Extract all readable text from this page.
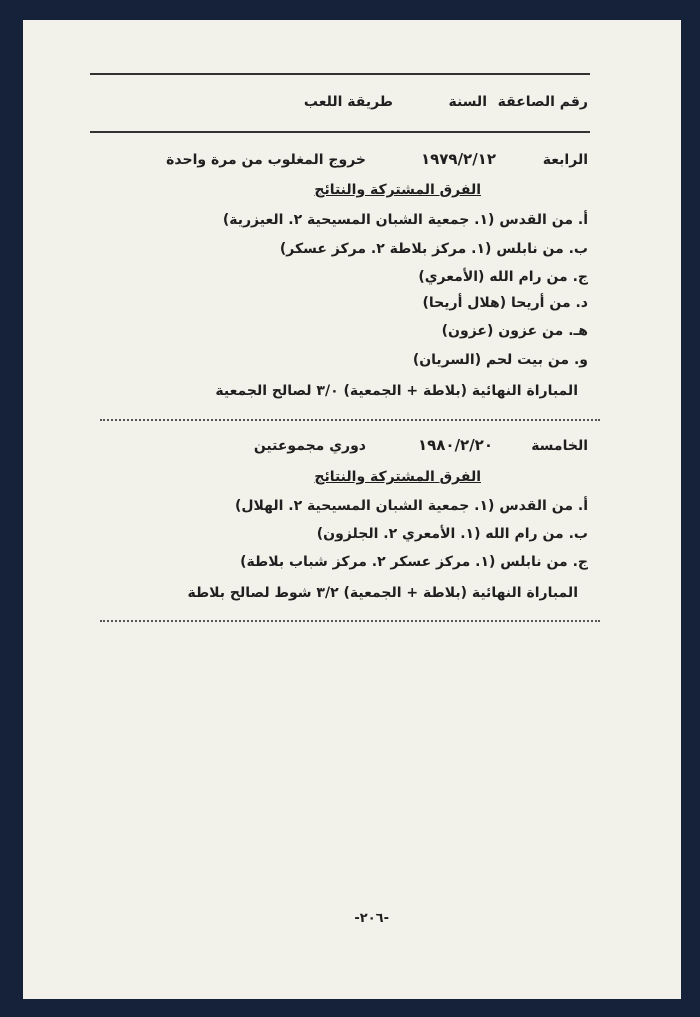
رقم الصاعقة
السنة
طريقة اللعب
الرابعة
١٩٧٩/٢/١٢
خروج المغلوب من مرة واحدة
الفرق المشتركة والنتائج
أ. من القدس (١. جمعية الشبان المسيحية ٢. العيزرية)
ب. من نابلس (١. مركز بلاطة ٢. مركز عسكر)
ج. من رام الله (الأمعري)
د. من أريحا (هلال أريحا)
هـ. من عزون (عزون)
و. من بيت لحم (السريان)
المباراة النهائية (بلاطة + الجمعية) ٣/٠ لصالح الجمعية
الخامسة
١٩٨٠/٢/٢٠
دوري مجموعتين
الفرق المشتركة والنتائج
أ. من القدس (١. جمعية الشبان المسيحية ٢. الهلال)
ب. من رام الله (١. الأمعري ٢. الجلزون)
ج. من نابلس (١. مركز عسكر ٢. مركز شباب بلاطة)
المباراة النهائية (بلاطة + الجمعية) ٣/٢ شوط لصالح بلاطة
-٢٠٦-
